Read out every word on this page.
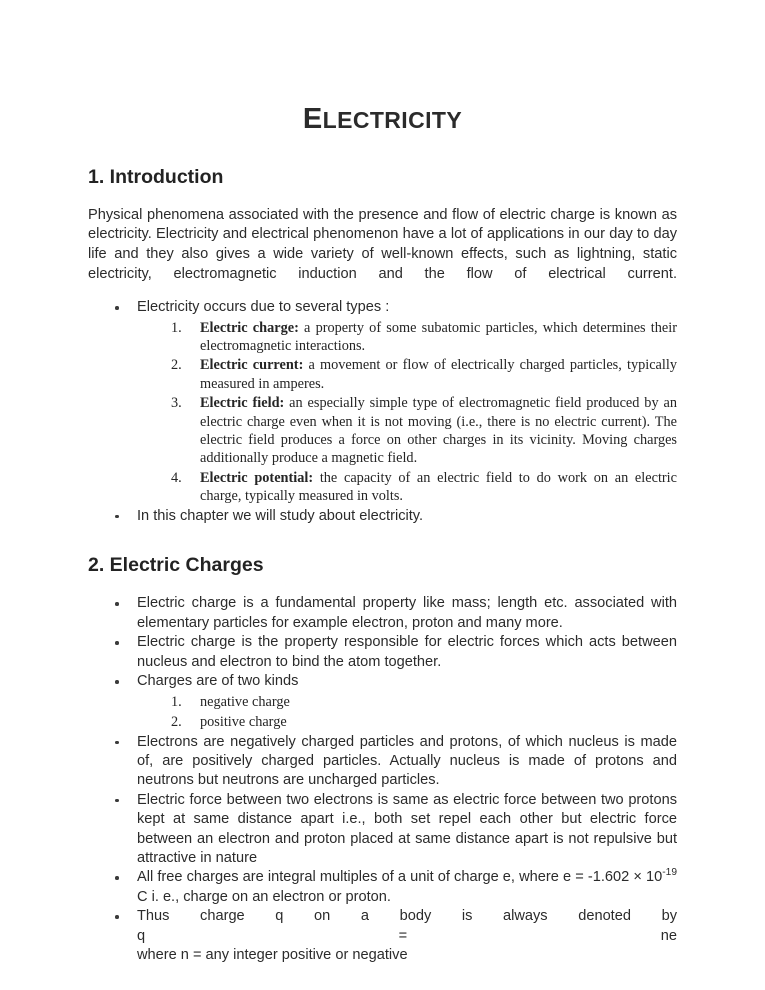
ELECTRICITY
1. Introduction

Physical phenomena associated with the presence and flow of electric charge is known as electricity. Electricity and electrical phenomenon have a lot of applications in our day to day life and they also gives a wide variety of well-known effects, such as lightning, static electricity, electromagnetic induction and the flow of electrical current.

Electricity occurs due to several types :
1. Electric charge: a property of some subatomic particles, which determines their electromagnetic interactions.
2. Electric current: a movement or flow of electrically charged particles, typically measured in amperes.
3. Electric field: an especially simple type of electromagnetic field produced by an electric charge even when it is not moving (i.e., there is no electric current). The electric field produces a force on other charges in its vicinity. Moving charges additionally produce a magnetic field.
4. Electric potential: the capacity of an electric field to do work on an electric charge, typically measured in volts.
In this chapter we will study about electricity.
2. Electric Charges
Electric charge is a fundamental property like mass; length etc. associated with elementary particles for example electron, proton and many more.
Electric charge is the property responsible for electric forces which acts between nucleus and electron to bind the atom together.
Charges are of two kinds
1. negative charge
2. positive charge
Electrons are negatively charged particles and protons, of which nucleus is made of, are positively charged particles. Actually nucleus is made of protons and neutrons but neutrons are uncharged particles.
Electric force between two electrons is same as electric force between two protons kept at same distance apart i.e., both set repel each other but electric force between an electron and proton placed at same distance apart is not repulsive but attractive in nature
All free charges are integral multiples of a unit of charge e, where $e = -1.602 \times 10^{-19}$ C i. e., charge on an electron or proton.
Thus charge q on a body is always denoted by
q	=	ne
where n = any integer positive or negative
